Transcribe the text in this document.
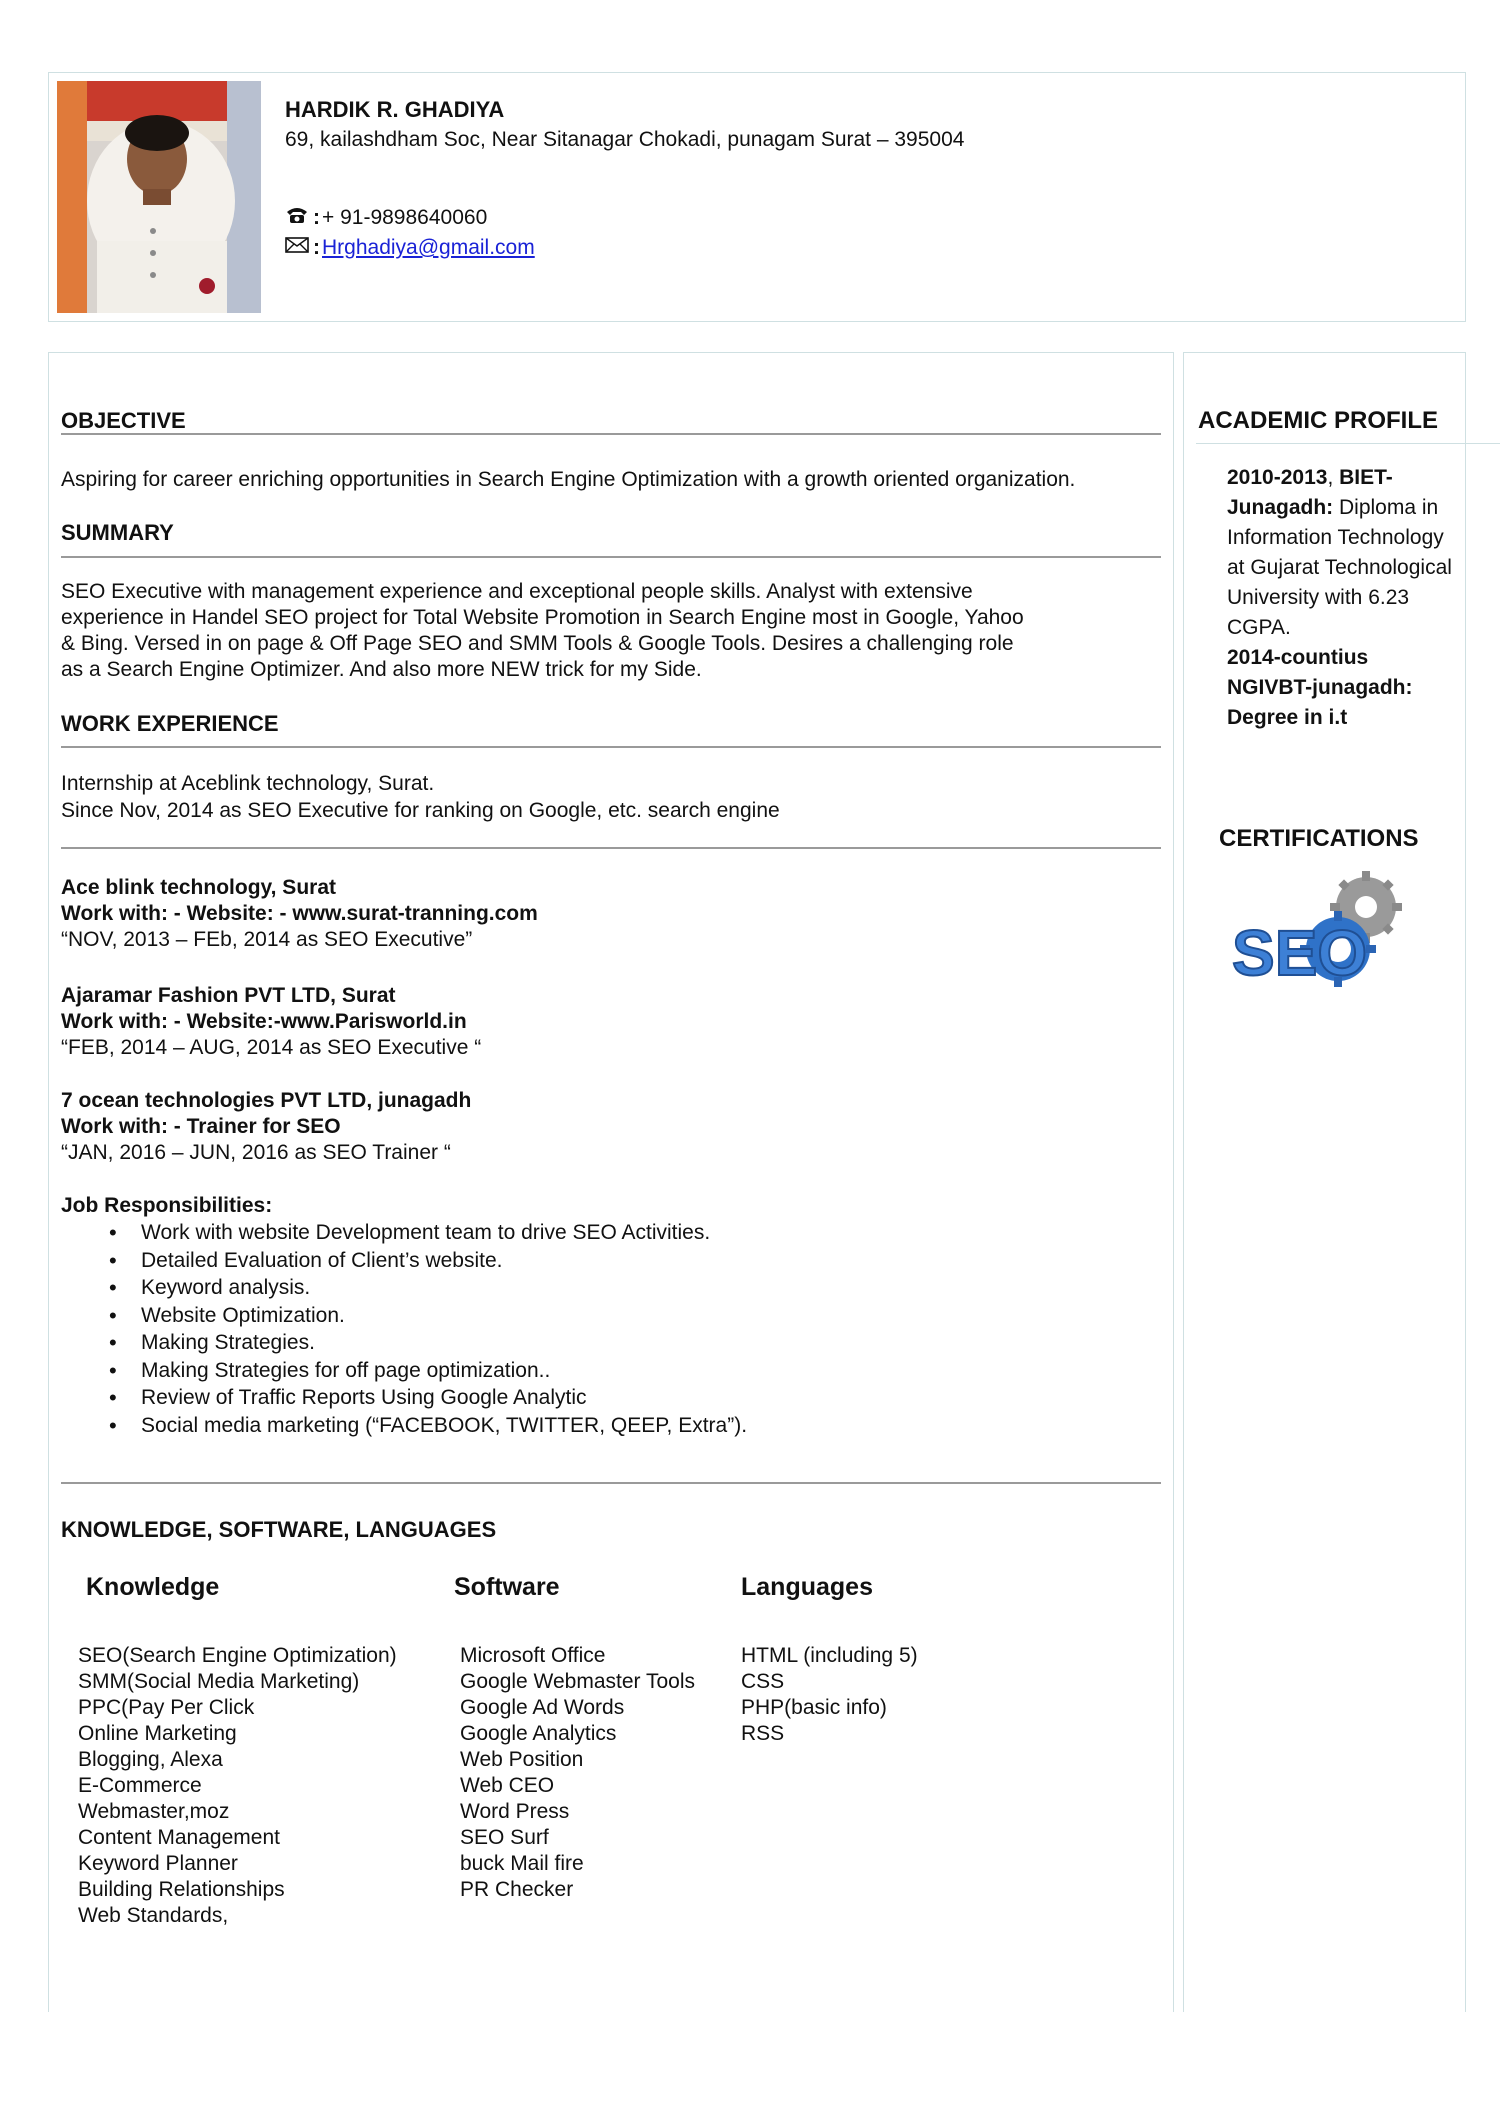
HARDIK R. GHADIYA
69, kailashdham Soc, Near Sitanagar Chokadi, punagam Surat – 395004
: + 91-9898640060
: Hrghadiya@gmail.com
OBJECTIVE
Aspiring for career enriching opportunities in Search Engine Optimization with a growth oriented organization.
SUMMARY
SEO Executive with management experience and exceptional people skills. Analyst with extensive
experience in Handel SEO project for Total Website Promotion in Search Engine most in Google, Yahoo
& Bing. Versed in on page & Off Page SEO and SMM Tools & Google Tools. Desires a challenging role
as a Search Engine Optimizer. And also more NEW trick for my Side.
WORK EXPERIENCE
Internship at Aceblink technology, Surat.
Since Nov, 2014 as SEO Executive for ranking on Google, etc. search engine
Ace blink technology, Surat
Work with: - Website: - www.surat-tranning.com
“NOV, 2013 – FEb, 2014 as SEO Executive”
Ajaramar Fashion PVT LTD, Surat
Work with: - Website:-www.Parisworld.in
“FEB, 2014 – AUG, 2014 as SEO Executive “
7 ocean technologies PVT LTD, junagadh
Work with: - Trainer for SEO
“JAN, 2016 – JUN, 2016 as SEO Trainer “
Job Responsibilities:
• Work with website Development team to drive SEO Activities.
• Detailed Evaluation of Client’s website.
• Keyword analysis.
• Website Optimization.
• Making Strategies.
• Making Strategies for off page optimization..
• Review of Traffic Reports Using Google Analytic
• Social media marketing (“FACEBOOK, TWITTER, QEEP, Extra”).
KNOWLEDGE, SOFTWARE, LANGUAGES
Knowledge	Software	Languages
SEO(Search Engine Optimization)
SMM(Social Media Marketing)
PPC(Pay Per Click
Online Marketing
Blogging, Alexa
E-Commerce
Webmaster,moz
Content Management
Keyword Planner
Building Relationships
Web Standards,
Microsoft Office
Google Webmaster Tools
Google Ad Words
Google Analytics
Web Position
Web CEO
Word Press
SEO Surf
buck Mail fire
PR Checker
HTML (including 5)
CSS
PHP(basic info)
RSS
ACADEMIC PROFILE
2010-2013, BIET-Junagadh: Diploma in Information Technology at Gujarat Technological University with 6.23 CGPA.
2014-countius
NGIVBT-junagadh:
Degree in i.t
CERTIFICATIONS
SEO
